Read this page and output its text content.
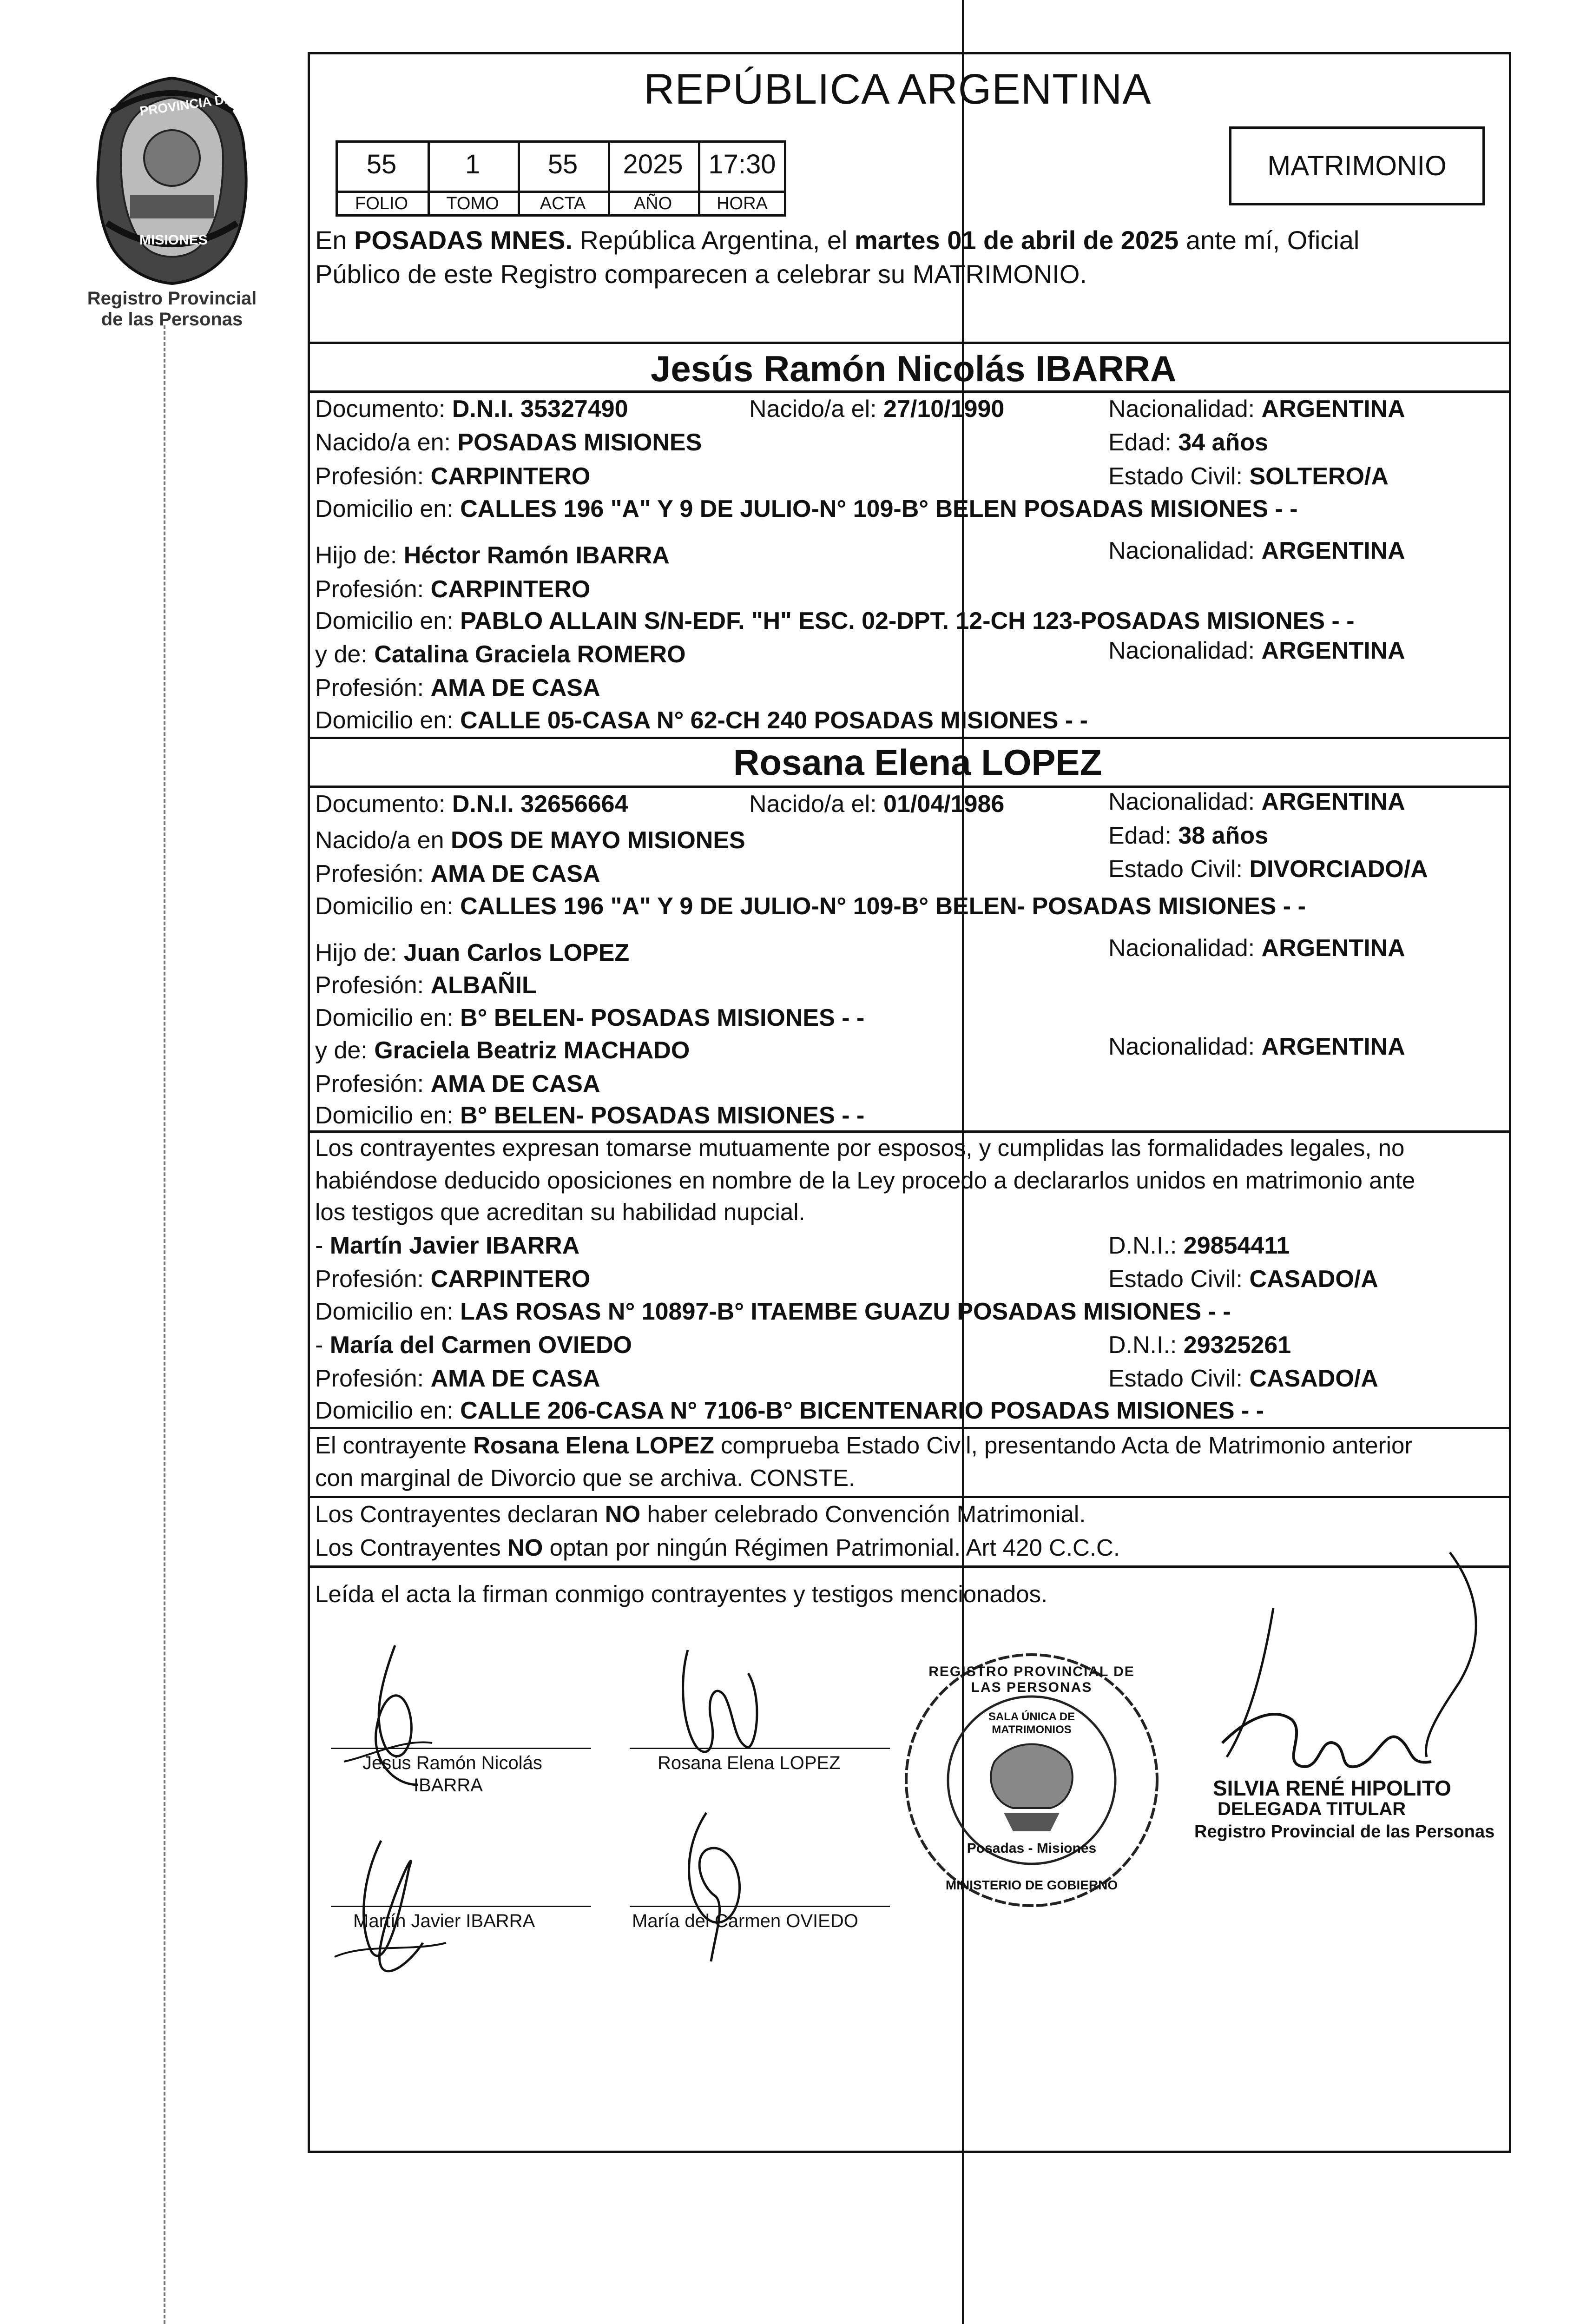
PROVINCIA DE
MISIONES
Registro Provincial
de las Personas
REPÚBLICA ARGENTINA
55	1	55	2025 17:30
FOLIO	TOMO	ACTA	AÑO	HORA
MATRIMONIO
En POSADAS MNES. República Argentina, el martes 01 de abril de 2025 ante mí, Oficial
Público de este Registro comparecen a celebrar su MATRIMONIO.
Jesús Ramón Nicolás IBARRA
Documento: D.N.I. 35327490	Nacido/a el: 27/10/1990	Nacionalidad: ARGENTINA
Nacido/a en: POSADAS MISIONES	Edad: 34 años
Profesión: CARPINTERO	Estado Civil: SOLTERO/A
Domicilio en: CALLES 196 "A" Y 9 DE JULIO-N° 109-B° BELEN POSADAS MISIONES - -
Hijo de: Héctor Ramón IBARRA	Nacionalidad: ARGENTINA
Profesión: CARPINTERO
Domicilio en: PABLO ALLAIN S/N-EDF. "H" ESC. 02-DPT. 12-CH 123-POSADAS MISIONES - -
y de: Catalina Graciela ROMERO	Nacionalidad: ARGENTINA
Profesión: AMA DE CASA
Domicilio en: CALLE 05-CASA N° 62-CH 240 POSADAS MISIONES - -
Rosana Elena LOPEZ
Documento: D.N.I. 32656664	Nacido/a el: 01/04/1986	Nacionalidad: ARGENTINA
Nacido/a en DOS DE MAYO MISIONES	Edad: 38 años
Profesión: AMA DE CASA	Estado Civil: DIVORCIADO/A
Domicilio en: CALLES 196 "A" Y 9 DE JULIO-N° 109-B° BELEN- POSADAS MISIONES - -
Hijo de: Juan Carlos LOPEZ	Nacionalidad: ARGENTINA
Profesión: ALBAÑIL
Domicilio en: B° BELEN- POSADAS MISIONES - -
y de: Graciela Beatriz MACHADO	Nacionalidad: ARGENTINA
Profesión: AMA DE CASA
Domicilio en: B° BELEN- POSADAS MISIONES - -
Los contrayentes expresan tomarse mutuamente por esposos, y cumplidas las formalidades legales, no
habiéndose deducido oposiciones en nombre de la Ley procedo a declararlos unidos en matrimonio ante
los testigos que acreditan su habilidad nupcial.
- Martín Javier IBARRA	D.N.I.: 29854411
Profesión: CARPINTERO	Estado Civil: CASADO/A
Domicilio en: LAS ROSAS N° 10897-B° ITAEMBE GUAZU POSADAS MISIONES - -
- María del Carmen OVIEDO	D.N.I.: 29325261
Profesión: AMA DE CASA	Estado Civil: CASADO/A
Domicilio en: CALLE 206-CASA N° 7106-B° BICENTENARIO POSADAS MISIONES - -
El contrayente Rosana Elena LOPEZ comprueba Estado Civil, presentando Acta de Matrimonio anterior
con marginal de Divorcio que se archiva. CONSTE.
Los Contrayentes declaran NO haber celebrado Convención Matrimonial.
Los Contrayentes NO optan por ningún Régimen Patrimonial. Art 420 C.C.C.
Leída el acta la firman conmigo contrayentes y testigos mencionados.
Jesús Ramón Nicolás
IBARRA
Rosana Elena LOPEZ
Martín Javier IBARRA	María del Carmen OVIEDO
REGISTRO PROVINCIAL DE LAS PERSONAS
SALA ÚNICA DE MATRIMONIOS
Posadas - Misiones
MINISTERIO DE GOBIERNO
SILVIA RENÉ HIPOLITO
DELEGADA TITULAR
Registro Provincial de las Personas
